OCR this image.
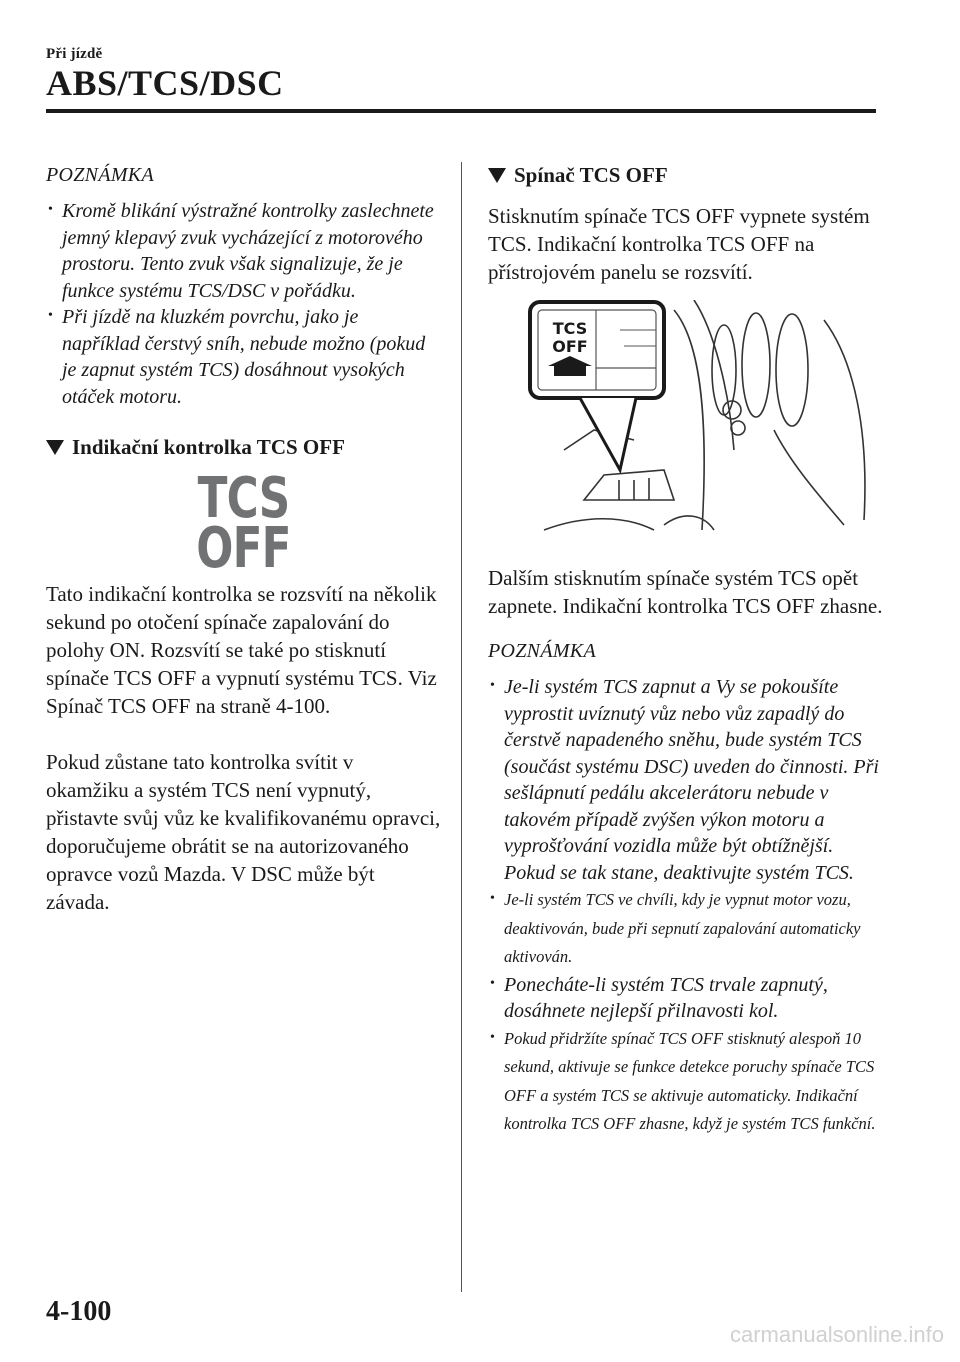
Při jízdě
ABS/TCS/DSC
POZNÁMKA
• Kromě blikání výstražné kontrolky zaslechnete jemný klepavý zvuk vycházející z motorového prostoru. Tento zvuk však signalizuje, že je funkce systému TCS/DSC v pořádku.
• Při jízdě na kluzkém povrchu, jako je například čerstvý sníh, nebude možno (pokud je zapnut systém TCS) dosáhnout vysokých otáček motoru.
Indikační kontrolka TCS OFF
TCS
OFF

Tato indikační kontrolka se rozsvítí na několik sekund po otočení spínače zapalování do polohy ON. Rozsvítí se také po stisknutí spínače TCS OFF a vypnutí systému TCS. Viz Spínač TCS OFF na straně 4-100.

Pokud zůstane tato kontrolka svítit v okamžiku a systém TCS není vypnutý, přistavte svůj vůz ke kvalifikovanému opravci, doporučujeme obrátit se na autorizovaného opravce vozů Mazda. V DSC může být závada.

Spínač TCS OFF

Stisknutím spínače TCS OFF vypnete systém TCS. Indikační kontrolka TCS OFF na přístrojovém panelu se rozsvítí.

TCS
OFF

Dalším stisknutím spínače systém TCS opět zapnete. Indikační kontrolka TCS OFF zhasne.

POZNÁMKA
• Je-li systém TCS zapnut a Vy se pokoušíte vyprostit uvíznutý vůz nebo vůz zapadlý do čerstvě napadeného sněhu, bude systém TCS (součást systému DSC) uveden do činnosti. Při sešlápnutí pedálu akcelerátoru nebude v takovém případě zvýšen výkon motoru a vyprošťování vozidla může být obtížnější. Pokud se tak stane, deaktivujte systém TCS.
• Je-li systém TCS ve chvíli, kdy je vypnut motor vozu, deaktivován, bude při sepnutí zapalování automaticky aktivován.
• Ponecháte-li systém TCS trvale zapnutý, dosáhnete nejlepší přilnavosti kol.
• Pokud přidržíte spínač TCS OFF stisknutý alespoň 10 sekund, aktivuje se funkce detekce poruchy spínače TCS OFF a systém TCS se aktivuje automaticky. Indikační kontrolka TCS OFF zhasne, když je systém TCS funkční.
4-100
carmanualsonline.info
